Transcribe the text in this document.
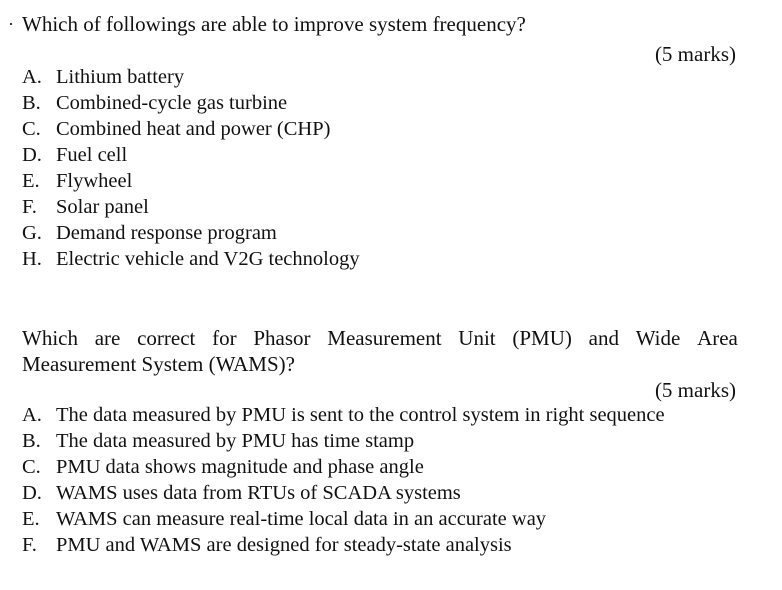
· Which of followings are able to improve system frequency?
(5 marks)
A. Lithium battery
B. Combined-cycle gas turbine
C. Combined heat and power (CHP)
D. Fuel cell
E. Flywheel
F. Solar panel
G. Demand response program
H. Electric vehicle and V2G technology
Which are correct for Phasor Measurement Unit (PMU) and Wide Area
Measurement System (WAMS)?
(5 marks)
A. The data measured by PMU is sent to the control system in right sequence
B. The data measured by PMU has time stamp
C. PMU data shows magnitude and phase angle
D. WAMS uses data from RTUs of SCADA systems
E. WAMS can measure real-time local data in an accurate way
F. PMU and WAMS are designed for steady-state analysis
